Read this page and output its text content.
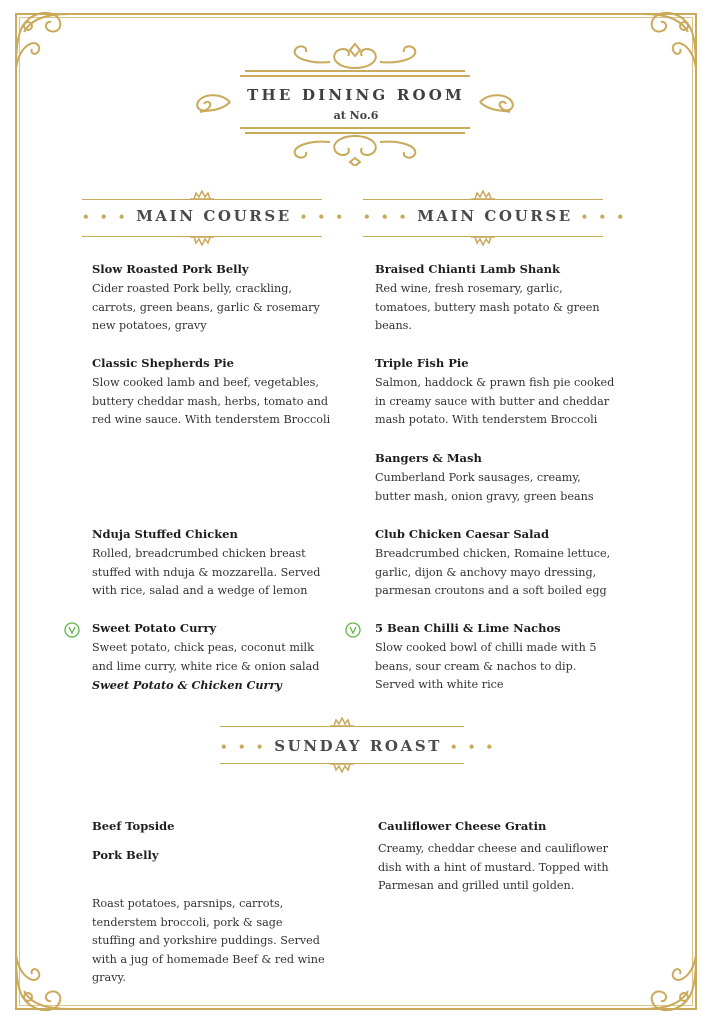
THE DINING ROOM
at No.6
• • • MAIN COURSE • • • • • • MAIN COURSE • • •
Slow Roasted Pork Belly
Cider roasted Pork belly, crackling, carrots, green beans, garlic & rosemary new potatoes, gravy
Classic Shepherds Pie
Slow cooked lamb and beef, vegetables, buttery cheddar mash, herbs, tomato and red wine sauce. With tenderstem Broccoli
Nduja Stuffed Chicken
Rolled, breadcrumbed chicken breast stuffed with nduja & mozzarella. Served with rice, salad and a wedge of lemon
Sweet Potato Curry
Sweet potato, chick peas, coconut milk and lime curry, white rice & onion salad
Sweet Potato & Chicken Curry
Braised Chianti Lamb Shank
Red wine, fresh rosemary, garlic, tomatoes, buttery mash potato & green beans.
Triple Fish Pie
Salmon, haddock & prawn fish pie cooked in creamy sauce with butter and cheddar mash potato. With tenderstem Broccoli
Bangers & Mash
Cumberland Pork sausages, creamy, butter mash, onion gravy, green beans
Club Chicken Caesar Salad
Breadcrumbed chicken, Romaine lettuce, garlic, dijon & anchovy mayo dressing, parmesan croutons and a soft boiled egg
5 Bean Chilli & Lime Nachos
Slow cooked bowl of chilli made with 5 beans, sour cream & nachos to dip. Served with white rice
• • • SUNDAY ROAST • • •
Beef Topside
Pork Belly
Roast potatoes, parsnips, carrots, tenderstem broccoli, pork & sage stuffing and yorkshire puddings. Served with a jug of homemade Beef & red wine gravy.
Cauliflower Cheese Gratin
Creamy, cheddar cheese and cauliflower dish with a hint of mustard. Topped with Parmesan and grilled until golden.
